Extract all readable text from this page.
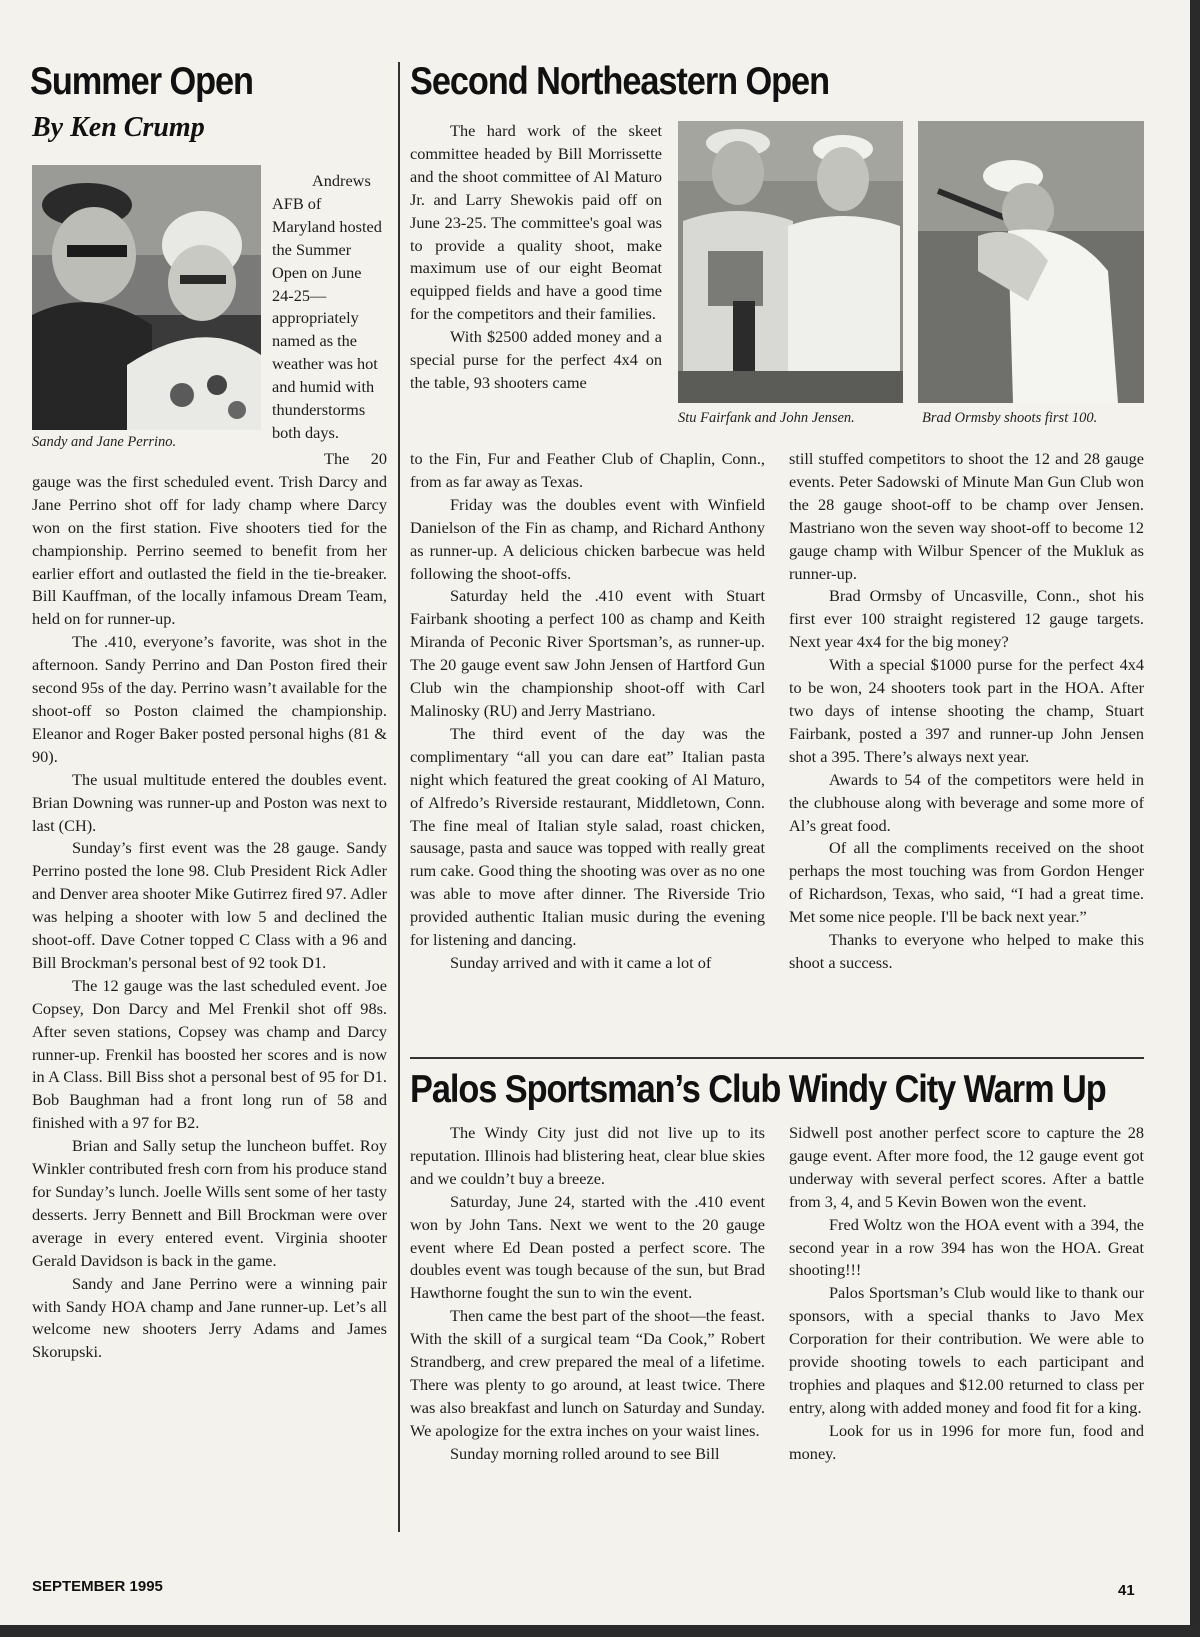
Summer Open
By Ken Crump
Sandy and Jane Perrino.

Andrews AFB of Maryland hosted the Summer Open on June 24-25—appropriately named as the weather was hot and humid with thunderstorms both days.

The 20 gauge was the first scheduled event. Trish Darcy and Jane Perrino shot off for lady champ where Darcy won on the first station. Five shooters tied for the championship. Perrino seemed to benefit from her earlier effort and outlasted the field in the tie-breaker. Bill Kauffman, of the locally infamous Dream Team, held on for runner-up.

The .410, everyone’s favorite, was shot in the afternoon. Sandy Perrino and Dan Poston fired their second 95s of the day. Perrino wasn’t available for the shoot-off so Poston claimed the championship. Eleanor and Roger Baker posted personal highs (81 & 90).

The usual multitude entered the doubles event. Brian Downing was runner-up and Poston was next to last (CH).

Sunday’s first event was the 28 gauge. Sandy Perrino posted the lone 98. Club President Rick Adler and Denver area shooter Mike Gutirrez fired 97. Adler was helping a shooter with low 5 and declined the shoot-off. Dave Cotner topped C Class with a 96 and Bill Brockman's personal best of 92 took D1.

The 12 gauge was the last scheduled event. Joe Copsey, Don Darcy and Mel Frenkil shot off 98s. After seven stations, Copsey was champ and Darcy runner-up. Frenkil has boosted her scores and is now in A Class. Bill Biss shot a personal best of 95 for D1. Bob Baughman had a front long run of 58 and finished with a 97 for B2.

Brian and Sally setup the luncheon buffet. Roy Winkler contributed fresh corn from his produce stand for Sunday’s lunch. Joelle Wills sent some of her tasty desserts. Jerry Bennett and Bill Brockman were over average in every entered event. Virginia shooter Gerald Davidson is back in the game.

Sandy and Jane Perrino were a winning pair with Sandy HOA champ and Jane runner-up. Let’s all welcome new shooters Jerry Adams and James Skorupski.

Second Northeastern Open

The hard work of the skeet committee headed by Bill Morrissette and the shoot committee of Al Maturo Jr. and Larry Shewokis paid off on June 23-25. The committee's goal was to provide a quality shoot, make maximum use of our eight Beomat equipped fields and have a good time for the competitors and their families.

With $2500 added money and a special purse for the perfect 4x4 on the table, 93 shooters came

Stu Fairfank and John Jensen.	Brad Ormsby shoots first 100.

to the Fin, Fur and Feather Club of Chaplin, Conn., from as far away as Texas.

Friday was the doubles event with Winfield Danielson of the Fin as champ, and Richard Anthony as runner-up. A delicious chicken barbecue was held following the shoot-offs.

Saturday held the .410 event with Stuart Fairbank shooting a perfect 100 as champ and Keith Miranda of Peconic River Sportsman’s, as runner-up. The 20 gauge event saw John Jensen of Hartford Gun Club win the championship shoot-off with Carl Malinosky (RU) and Jerry Mastriano.

The third event of the day was the complimentary “all you can dare eat” Italian pasta night which featured the great cooking of Al Maturo, of Alfredo’s Riverside restaurant, Middletown, Conn. The fine meal of Italian style salad, roast chicken, sausage, pasta and sauce was topped with really great rum cake. Good thing the shooting was over as no one was able to move after dinner. The Riverside Trio provided authentic Italian music during the evening for listening and dancing.

Sunday arrived and with it came a lot of

still stuffed competitors to shoot the 12 and 28 gauge events. Peter Sadowski of Minute Man Gun Club won the 28 gauge shoot-off to be champ over Jensen. Mastriano won the seven way shoot-off to become 12 gauge champ with Wilbur Spencer of the Mukluk as runner-up.

Brad Ormsby of Uncasville, Conn., shot his first ever 100 straight registered 12 gauge targets. Next year 4x4 for the big money?

With a special $1000 purse for the perfect 4x4 to be won, 24 shooters took part in the HOA. After two days of intense shooting the champ, Stuart Fairbank, posted a 397 and runner-up John Jensen shot a 395. There’s always next year.

Awards to 54 of the competitors were held in the clubhouse along with beverage and some more of Al’s great food.

Of all the compliments received on the shoot perhaps the most touching was from Gordon Henger of Richardson, Texas, who said, “I had a great time. Met some nice people. I'll be back next year.”

Thanks to everyone who helped to make this shoot a success.

Palos Sportsman’s Club Windy City Warm Up

The Windy City just did not live up to its reputation. Illinois had blistering heat, clear blue skies and we couldn’t buy a breeze.

Saturday, June 24, started with the .410 event won by John Tans. Next we went to the 20 gauge event where Ed Dean posted a perfect score. The doubles event was tough because of the sun, but Brad Hawthorne fought the sun to win the event.

Then came the best part of the shoot—the feast. With the skill of a surgical team “Da Cook,” Robert Strandberg, and crew prepared the meal of a lifetime. There was plenty to go around, at least twice. There was also breakfast and lunch on Saturday and Sunday. We apologize for the extra inches on your waist lines.

Sunday morning rolled around to see Bill

Sidwell post another perfect score to capture the 28 gauge event. After more food, the 12 gauge event got underway with several perfect scores. After a battle from 3, 4, and 5 Kevin Bowen won the event.

Fred Woltz won the HOA event with a 394, the second year in a row 394 has won the HOA. Great shooting!!!

Palos Sportsman’s Club would like to thank our sponsors, with a special thanks to Javo Mex Corporation for their contribution. We were able to provide shooting towels to each participant and trophies and plaques and $12.00 returned to class per entry, along with added money and food fit for a king.

Look for us in 1996 for more fun, food and money.

SEPTEMBER 1995	41
